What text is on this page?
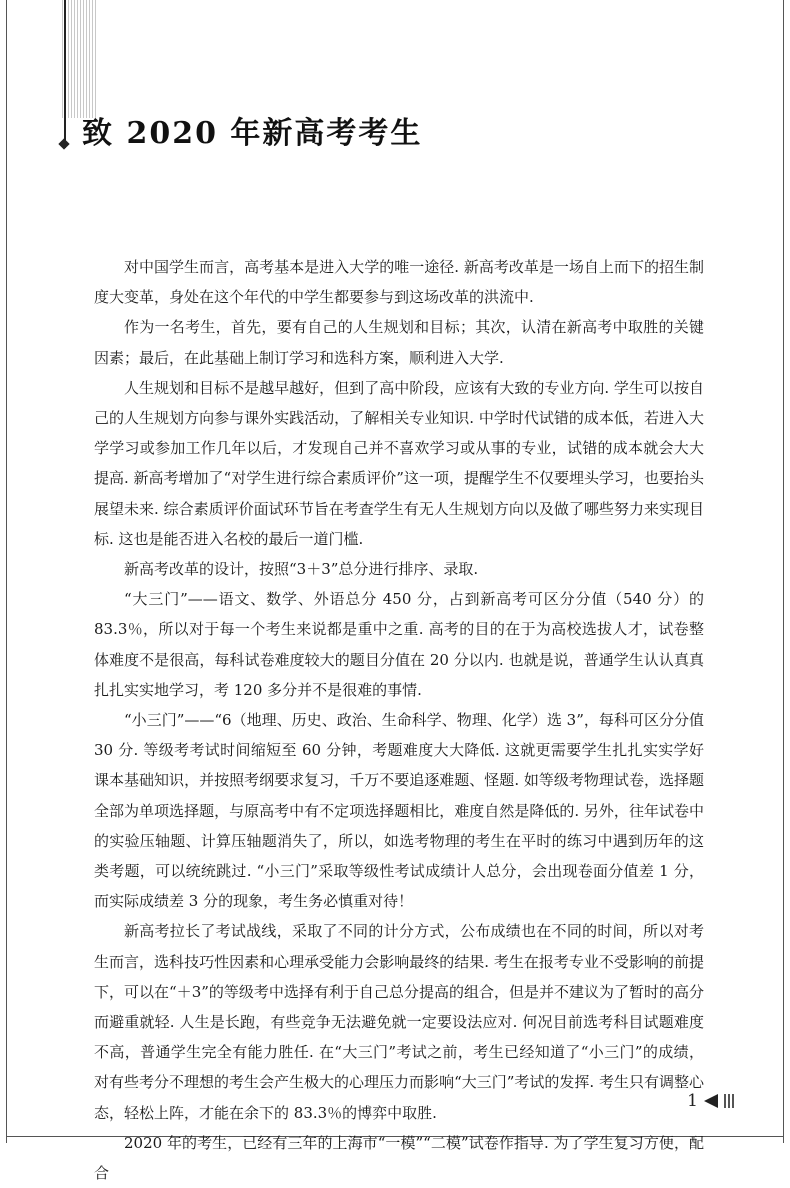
致 2020 年新高考考生

对中国学生而言，高考基本是进入大学的唯一途径. 新高考改革是一场自上而下的招生制度大变革，身处在这个年代的中学生都要参与到这场改革的洪流中.

作为一名考生，首先，要有自己的人生规划和目标；其次，认清在新高考中取胜的关键因素；最后，在此基础上制订学习和选科方案，顺利进入大学.

人生规划和目标不是越早越好，但到了高中阶段，应该有大致的专业方向. 学生可以按自己的人生规划方向参与课外实践活动，了解相关专业知识. 中学时代试错的成本低，若进入大学学习或参加工作几年以后，才发现自己并不喜欢学习或从事的专业，试错的成本就会大大提高. 新高考增加了“对学生进行综合素质评价”这一项，提醒学生不仅要埋头学习，也要抬头展望未来. 综合素质评价面试环节旨在考查学生有无人生规划方向以及做了哪些努力来实现目标. 这也是能否进入名校的最后一道门槛.

新高考改革的设计，按照“3＋3”总分进行排序、录取.

“大三门”——语文、数学、外语总分 450 分，占到新高考可区分分值（540 分）的 83.3％，所以对于每一个考生来说都是重中之重. 高考的目的在于为高校选拔人才，试卷整体难度不是很高，每科试卷难度较大的题目分值在 20 分以内. 也就是说，普通学生认认真真扎扎实实地学习，考 120 多分并不是很难的事情.

“小三门”——“6（地理、历史、政治、生命科学、物理、化学）选 3”，每科可区分分值 30 分. 等级考考试时间缩短至 60 分钟，考题难度大大降低. 这就更需要学生扎扎实实学好课本基础知识，并按照考纲要求复习，千万不要追逐难题、怪题. 如等级考物理试卷，选择题全部为单项选择题，与原高考中有不定项选择题相比，难度自然是降低的. 另外，往年试卷中的实验压轴题、计算压轴题消失了，所以，如选考物理的考生在平时的练习中遇到历年的这类考题，可以统统跳过. “小三门”采取等级性考试成绩计人总分，会出现卷面分值差 1 分，而实际成绩差 3 分的现象，考生务必慎重对待！

新高考拉长了考试战线，采取了不同的计分方式，公布成绩也在不同的时间，所以对考生而言，选科技巧性因素和心理承受能力会影响最终的结果. 考生在报考专业不受影响的前提下，可以在“＋3”的等级考中选择有利于自己总分提高的组合，但是并不建议为了暂时的高分而避重就轻. 人生是长跑，有些竞争无法避免就一定要设法应对. 何况目前选考科目试题难度不高，普通学生完全有能力胜任. 在“大三门”考试之前，考生已经知道了“小三门”的成绩，对有些考分不理想的考生会产生极大的心理压力而影响“大三门”考试的发挥. 考生只有调整心态，轻松上阵，才能在余下的 83.3％的博弈中取胜.

2020 年的考生，已经有三年的上海市“一模”“二模”试卷作指导. 为了学生复习方便，配合

1
